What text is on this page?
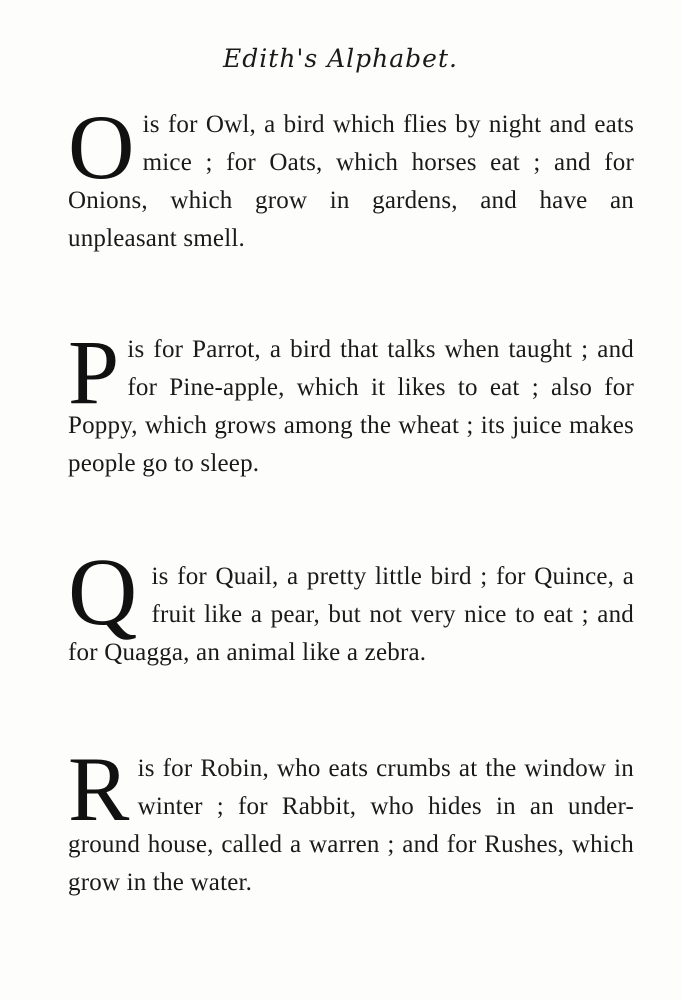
Edith's Alphabet.
O is for Owl, a bird which flies by night and eats mice ; for Oats, which horses eat ; and for Onions, which grow in gardens, and have an unpleasant smell.
P is for Parrot, a bird that talks when taught ; and for Pine-apple, which it likes to eat ; also for Poppy, which grows among the wheat ; its juice makes people go to sleep.
Q is for Quail, a pretty little bird ; for Quince, a fruit like a pear, but not very nice to eat ; and for Quagga, an animal like a zebra.
R is for Robin, who eats crumbs at the window in winter ; for Rabbit, who hides in an under-ground house, called a warren ; and for Rushes, which grow in the water.
